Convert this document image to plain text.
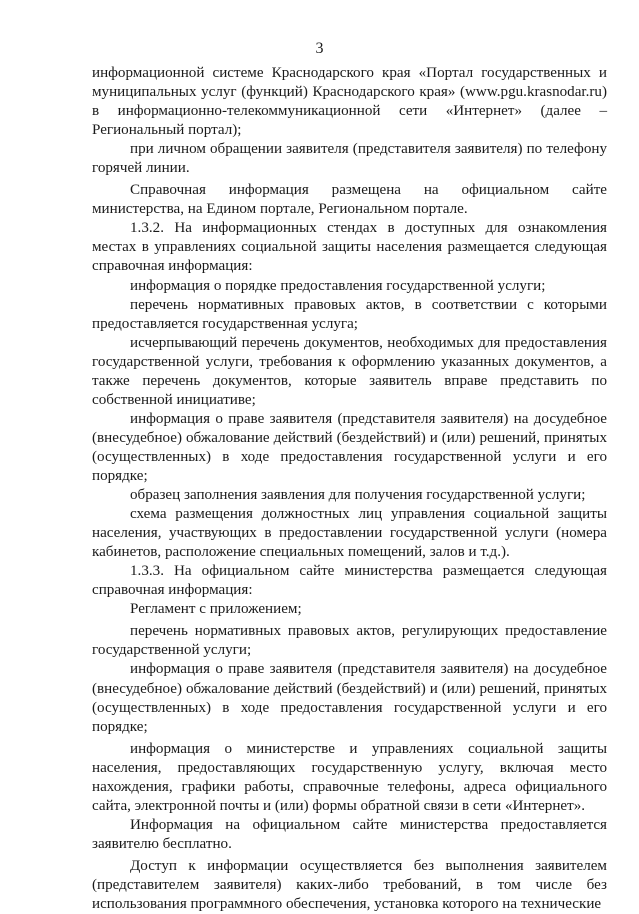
3

информационной системе Краснодарского края «Портал государственных и муниципальных услуг (функций) Краснодарского края» (www.pgu.krasnodar.ru) в информационно-телекоммуникационной сети «Интернет» (далее – Региональный портал);

при личном обращении заявителя (представителя заявителя) по телефону горячей линии.

Справочная информация размещена на официальном сайте министерства, на Едином портале, Региональном портале.

1.3.2. На информационных стендах в доступных для ознакомления местах в управлениях социальной защиты населения размещается следующая справочная информация:

информация о порядке предоставления государственной услуги;

перечень нормативных правовых актов, в соответствии с которыми предоставляется государственная услуга;

исчерпывающий перечень документов, необходимых для предоставления государственной услуги, требования к оформлению указанных документов, а также перечень документов, которые заявитель вправе представить по собственной инициативе;

информация о праве заявителя (представителя заявителя) на досудебное (внесудебное) обжалование действий (бездействий) и (или) решений, принятых (осуществленных) в ходе предоставления государственной услуги и его порядке;

образец заполнения заявления для получения государственной услуги;

схема размещения должностных лиц управления социальной защиты населения, участвующих в предоставлении государственной услуги (номера кабинетов, расположение специальных помещений, залов и т.д.).

1.3.3. На официальном сайте министерства размещается следующая справочная информация:

Регламент с приложением;

перечень нормативных правовых актов, регулирующих предоставление государственной услуги;

информация о праве заявителя (представителя заявителя) на досудебное (внесудебное) обжалование действий (бездействий) и (или) решений, принятых (осуществленных) в ходе предоставления государственной услуги и его порядке;

информация о министерстве и управлениях социальной защиты населения, предоставляющих государственную услугу, включая место нахождения, графики работы, справочные телефоны, адреса официального сайта, электронной почты и (или) формы обратной связи в сети «Интернет».

Информация на официальном сайте министерства предоставляется заявителю бесплатно.

Доступ к информации осуществляется без выполнения заявителем (представителем заявителя) каких-либо требований, в том числе без использования программного обеспечения, установка которого на технические
